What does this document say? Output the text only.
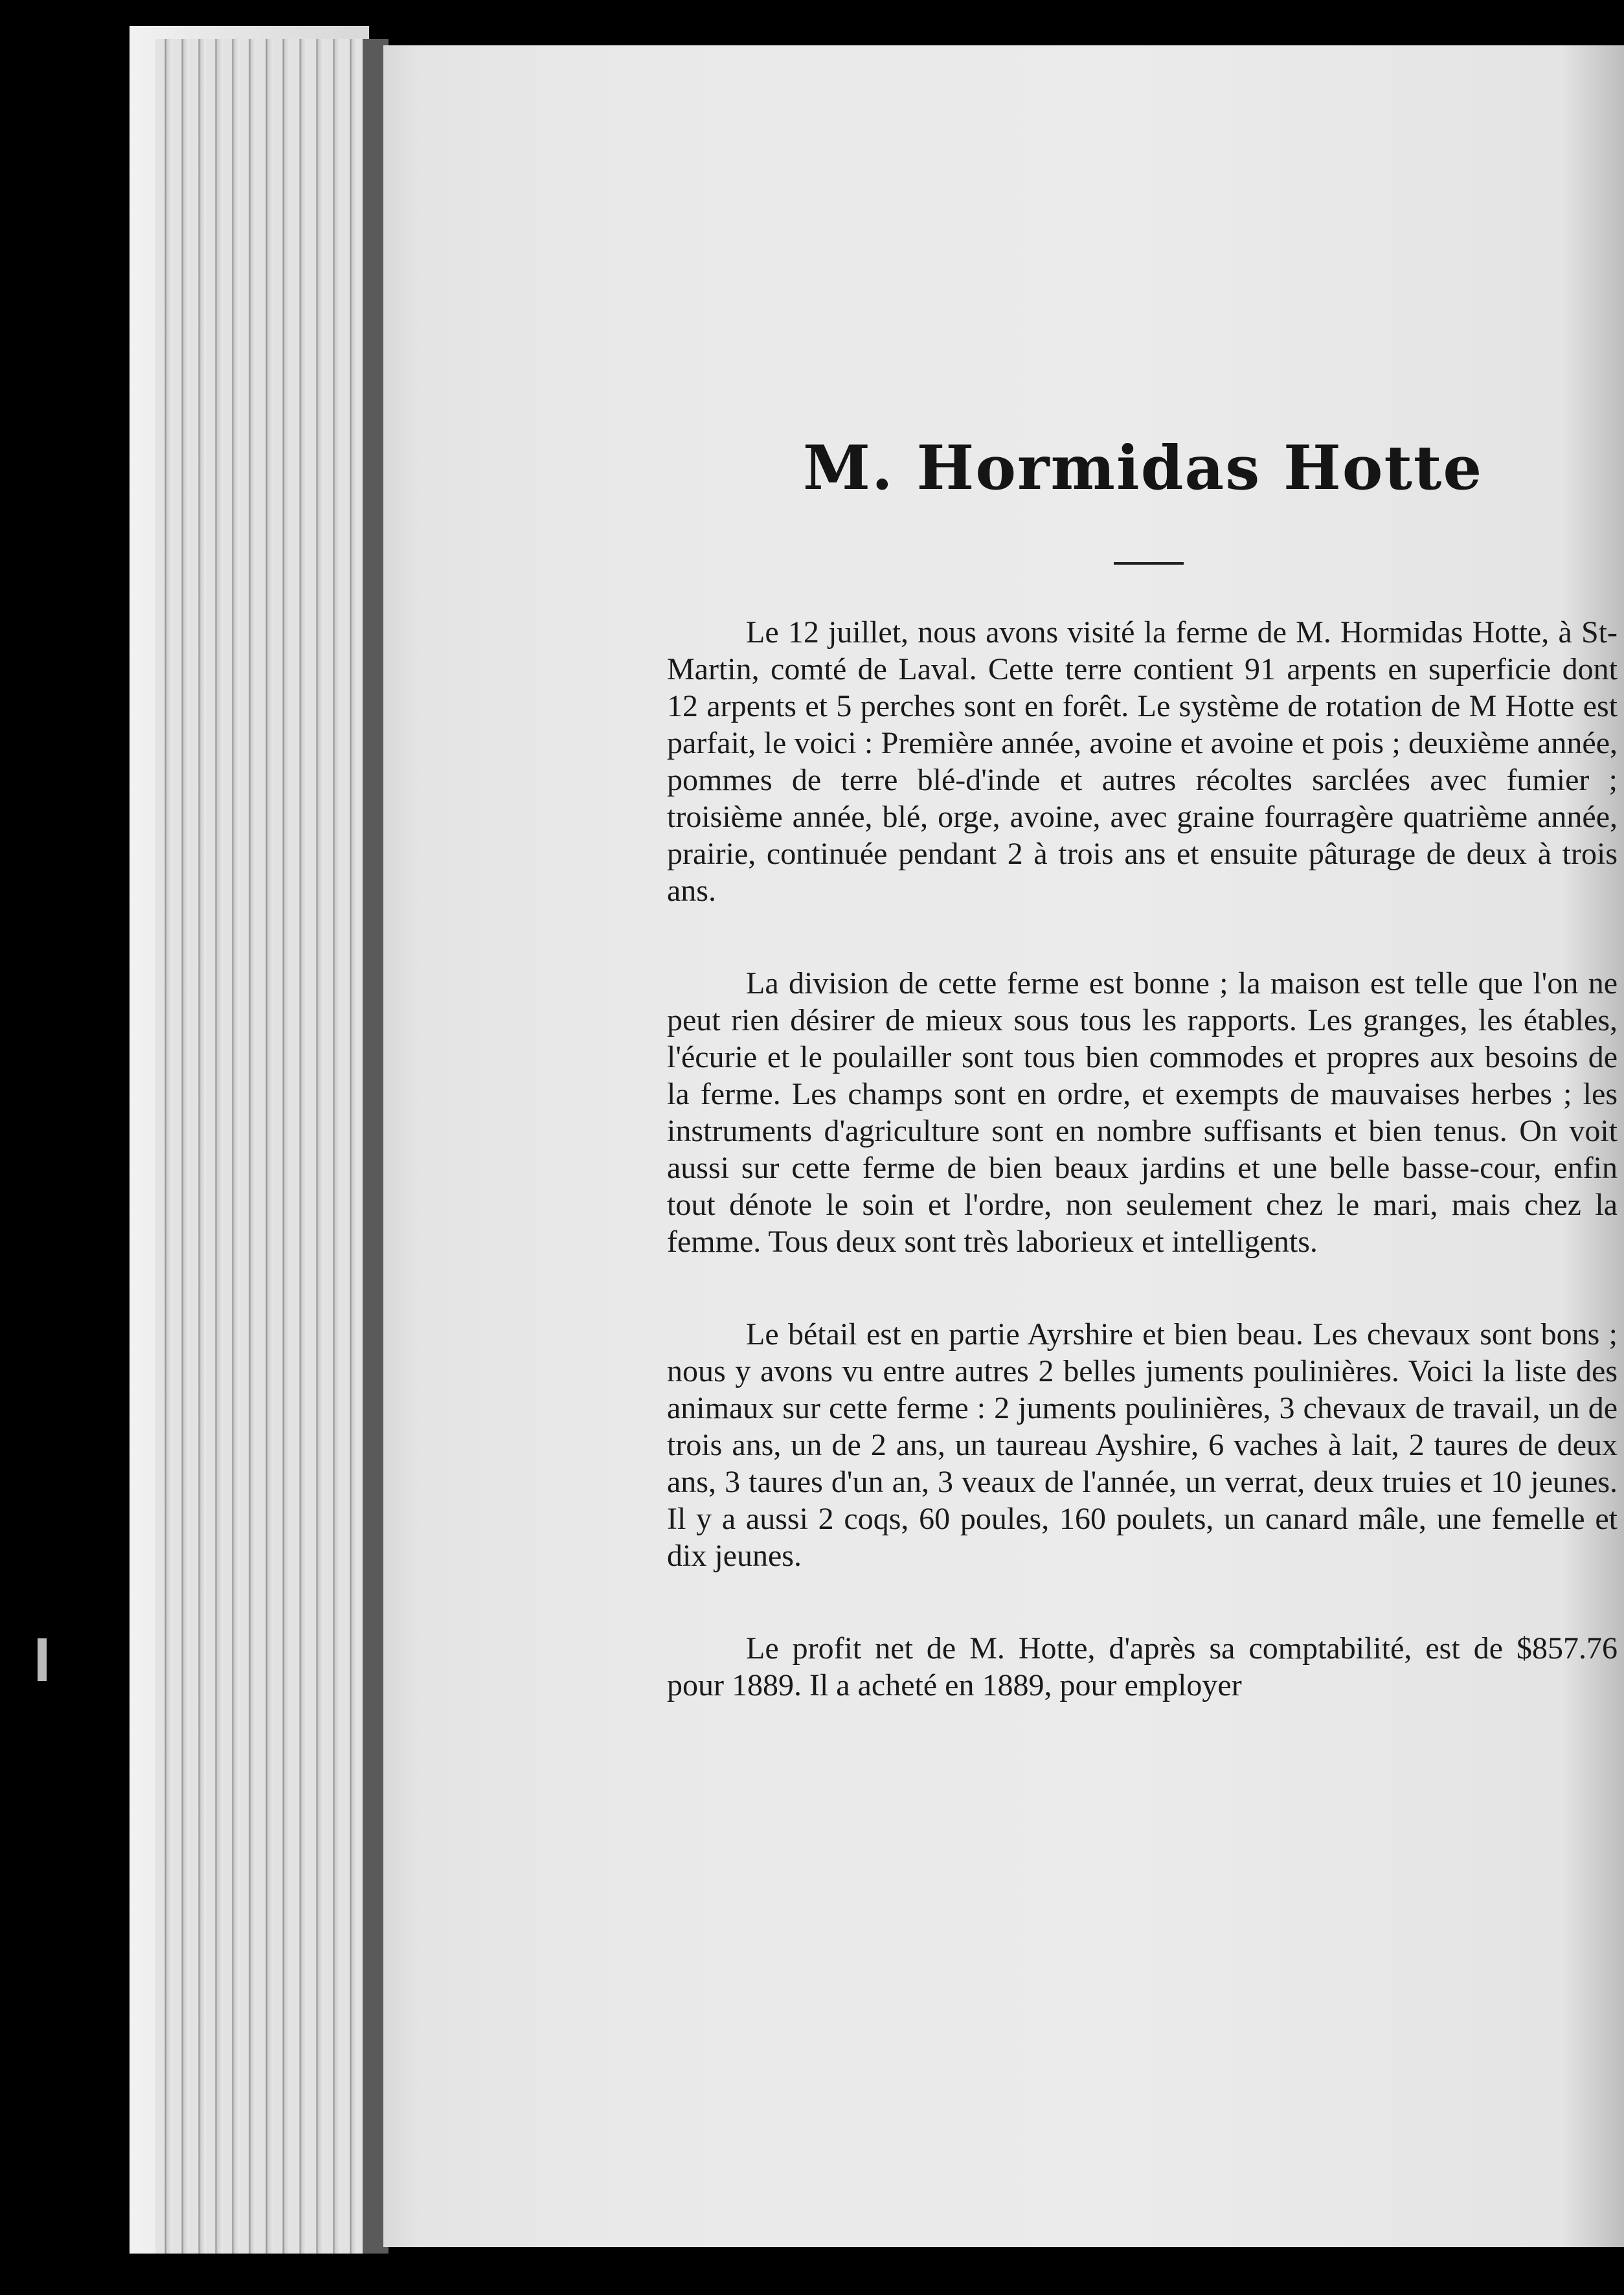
M. Hormidas Hotte

Le 12 juillet, nous avons visité la ferme de M. Hormidas Hotte, à St-Martin, comté de Laval. Cette terre contient 91 arpents en superficie dont 12 arpents et 5 perches sont en forêt. Le système de rotation de M Hotte est parfait, le voici : Première année, avoine et avoine et pois ; deuxième année, pommes de terre blé-d'inde et autres récoltes sarclées avec fumier ; troisième année, blé, orge, avoine, avec graine fourragère quatrième année, prairie, continuée pendant 2 à trois ans et ensuite pâturage de deux à trois ans.

La division de cette ferme est bonne ; la maison est telle que l'on ne peut rien désirer de mieux sous tous les rapports. Les granges, les étables, l'écurie et le poulailler sont tous bien commodes et propres aux besoins de la ferme. Les champs sont en ordre, et exempts de mauvaises herbes ; les instruments d'agriculture sont en nombre suffisants et bien tenus. On voit aussi sur cette ferme de bien beaux jardins et une belle basse-cour, enfin tout dénote le soin et l'ordre, non seulement chez le mari, mais chez la femme. Tous deux sont très laborieux et intelligents.

Le bétail est en partie Ayrshire et bien beau. Les chevaux sont bons ; nous y avons vu entre autres 2 belles juments poulinières. Voici la liste des animaux sur cette ferme : 2 juments poulinières, 3 chevaux de travail, un de trois ans, un de 2 ans, un taureau Ayshire, 6 vaches à lait, 2 taures de deux ans, 3 taures d'un an, 3 veaux de l'année, un verrat, deux truies et 10 jeunes. Il y a aussi 2 coqs, 60 poules, 160 poulets, un canard mâle, une femelle et dix jeunes.

Le profit net de M. Hotte, d'après sa comptabilité, est de $857.76 pour 1889. Il a acheté en 1889, pour employer
